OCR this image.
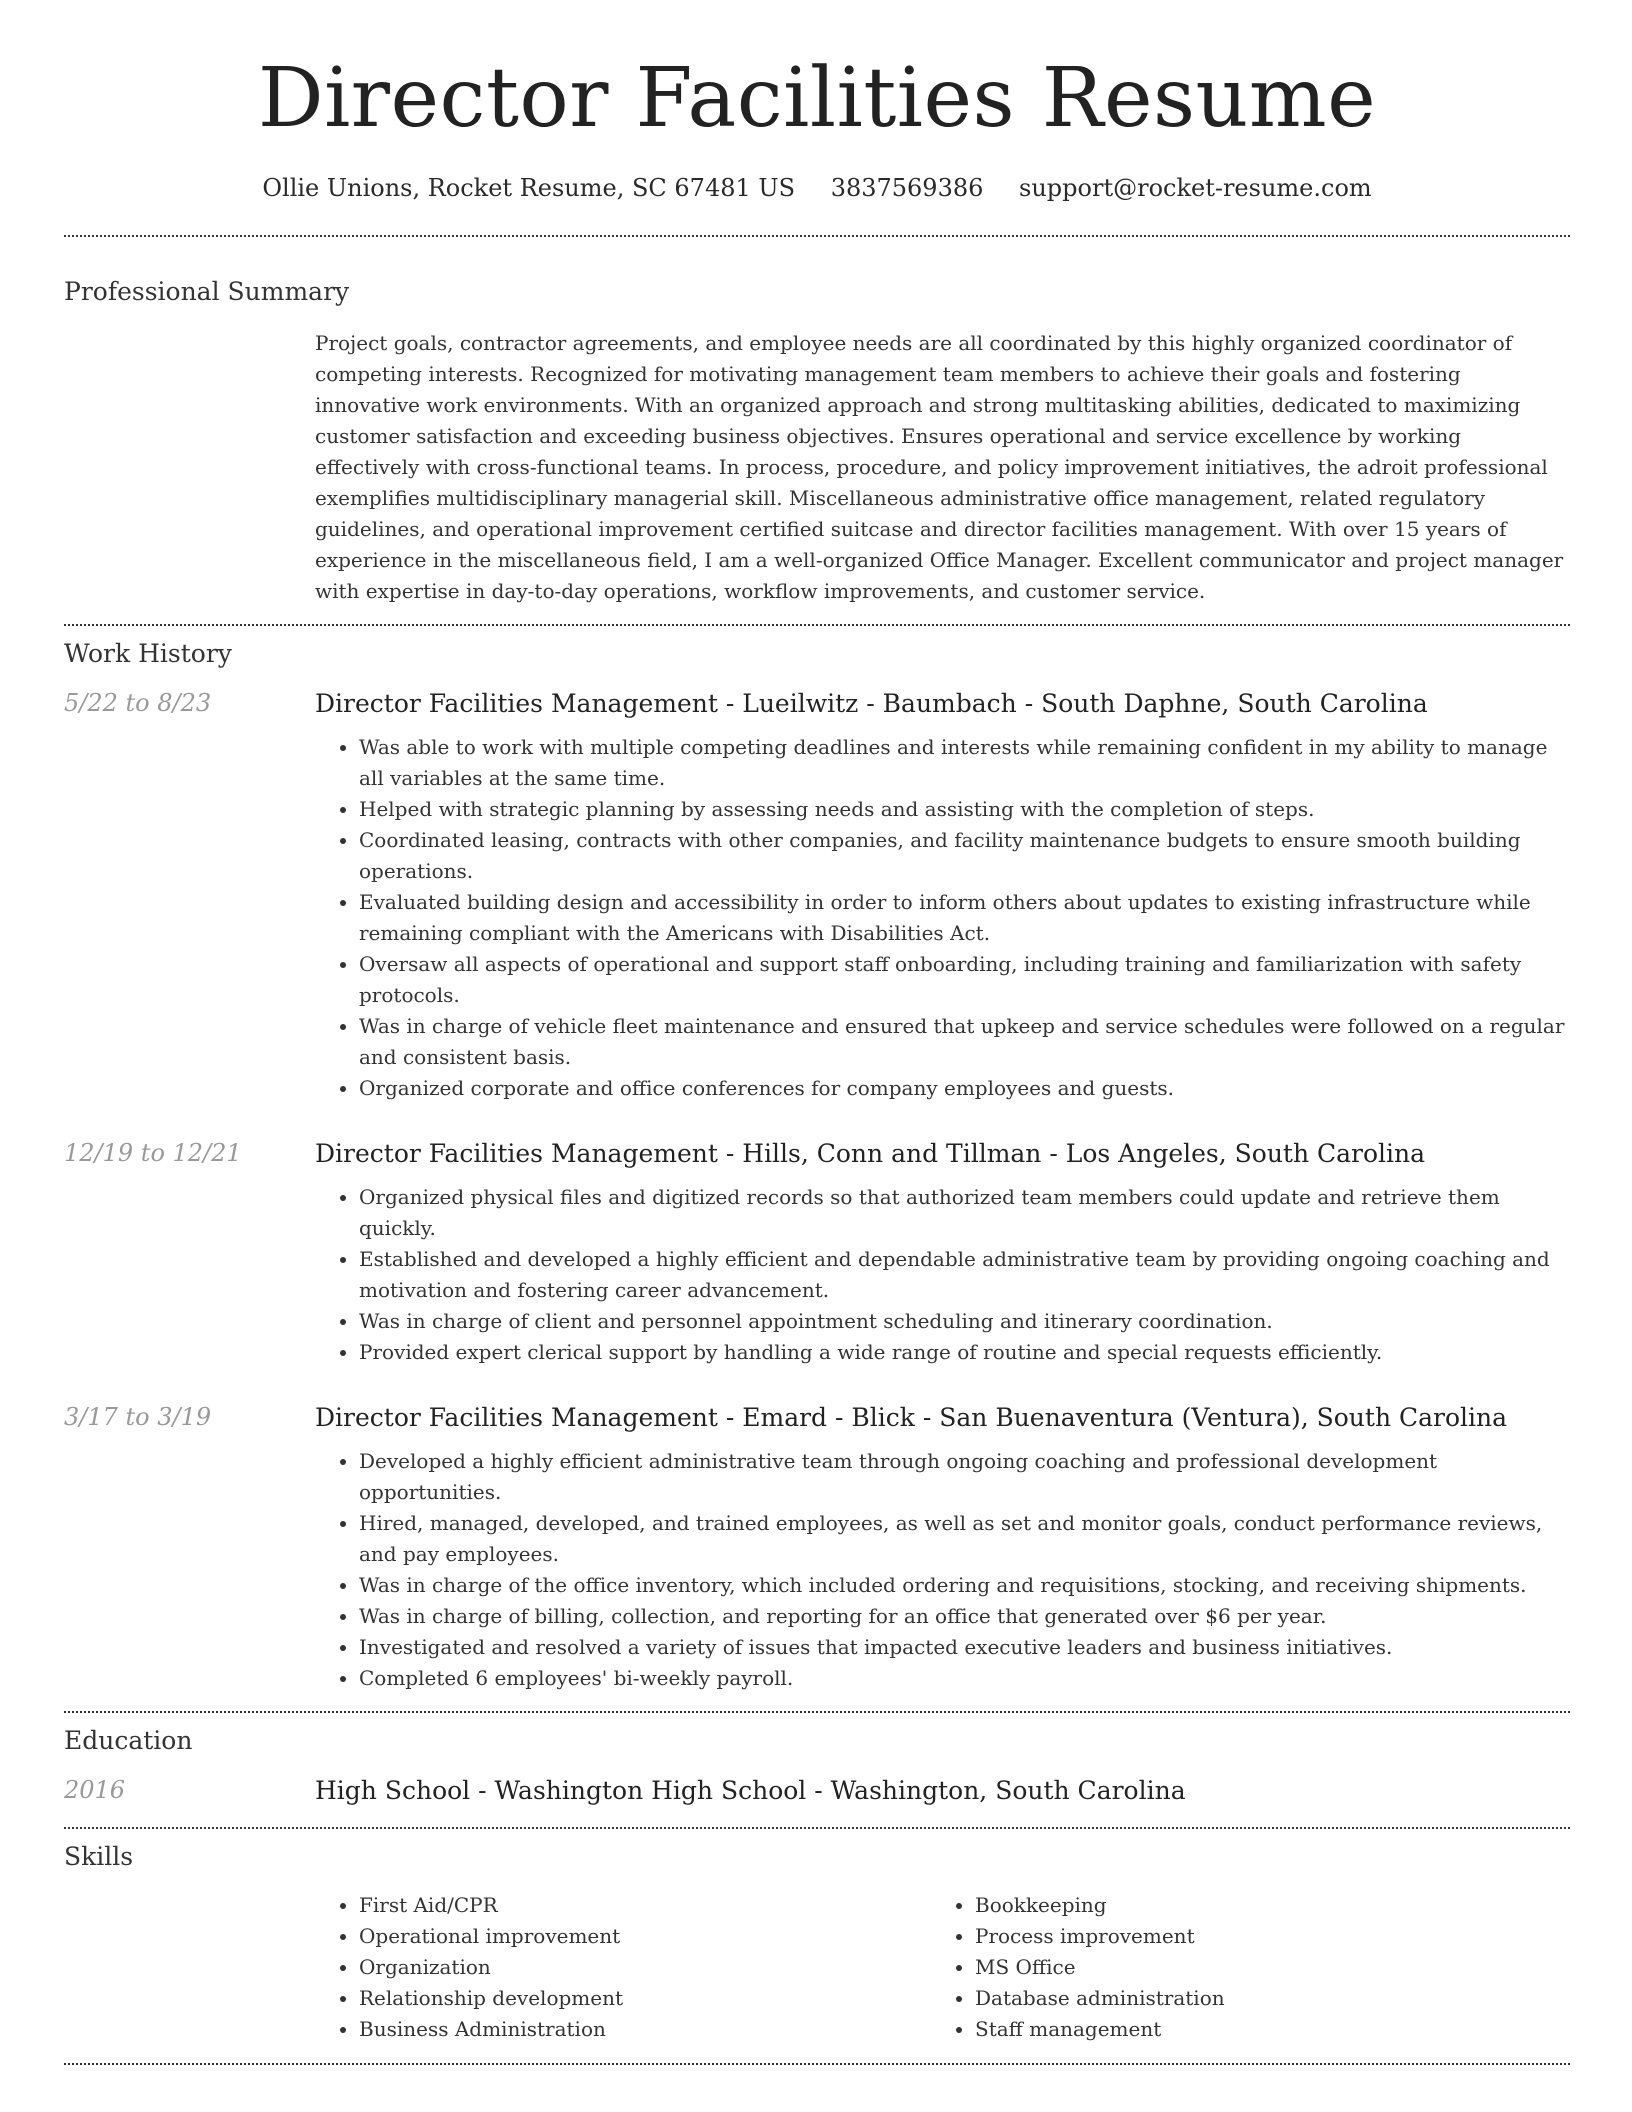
Director Facilities Resume
Ollie Unions, Rocket Resume, SC 67481 US 3837569386 support@rocket-resume.com
Professional Summary
Project goals, contractor agreements, and employee needs are all coordinated by this highly organized coordinator of competing interests. Recognized for motivating management team members to achieve their goals and fostering innovative work environments. With an organized approach and strong multitasking abilities, dedicated to maximizing customer satisfaction and exceeding business objectives. Ensures operational and service excellence by working effectively with cross-functional teams. In process, procedure, and policy improvement initiatives, the adroit professional exemplifies multidisciplinary managerial skill. Miscellaneous administrative office management, related regulatory guidelines, and operational improvement certified suitcase and director facilities management. With over 15 years of experience in the miscellaneous field, I am a well-organized Office Manager. Excellent communicator and project manager with expertise in day-to-day operations, workflow improvements, and customer service.
Work History
5/22 to 8/23	Director Facilities Management - Lueilwitz - Baumbach - South Daphne, South Carolina
• Was able to work with multiple competing deadlines and interests while remaining confident in my ability to manage all variables at the same time.
• Helped with strategic planning by assessing needs and assisting with the completion of steps.
• Coordinated leasing, contracts with other companies, and facility maintenance budgets to ensure smooth building operations.
• Evaluated building design and accessibility in order to inform others about updates to existing infrastructure while remaining compliant with the Americans with Disabilities Act.
• Oversaw all aspects of operational and support staff onboarding, including training and familiarization with safety protocols.
• Was in charge of vehicle fleet maintenance and ensured that upkeep and service schedules were followed on a regular and consistent basis.
• Organized corporate and office conferences for company employees and guests.
12/19 to 12/21	Director Facilities Management - Hills, Conn and Tillman - Los Angeles, South Carolina
• Organized physical files and digitized records so that authorized team members could update and retrieve them quickly.
• Established and developed a highly efficient and dependable administrative team by providing ongoing coaching and motivation and fostering career advancement.
• Was in charge of client and personnel appointment scheduling and itinerary coordination.
• Provided expert clerical support by handling a wide range of routine and special requests efficiently.
3/17 to 3/19	Director Facilities Management - Emard - Blick - San Buenaventura (Ventura), South Carolina
• Developed a highly efficient administrative team through ongoing coaching and professional development opportunities.
• Hired, managed, developed, and trained employees, as well as set and monitor goals, conduct performance reviews, and pay employees.
• Was in charge of the office inventory, which included ordering and requisitions, stocking, and receiving shipments.
• Was in charge of billing, collection, and reporting for an office that generated over $6 per year.
• Investigated and resolved a variety of issues that impacted executive leaders and business initiatives.
• Completed 6 employees' bi-weekly payroll.
Education
2016	High School - Washington High School - Washington, South Carolina
Skills
• First Aid/CPR
• Operational improvement
• Organization
• Relationship development
• Business Administration
• Bookkeeping
• Process improvement
• MS Office
• Database administration
• Staff management
